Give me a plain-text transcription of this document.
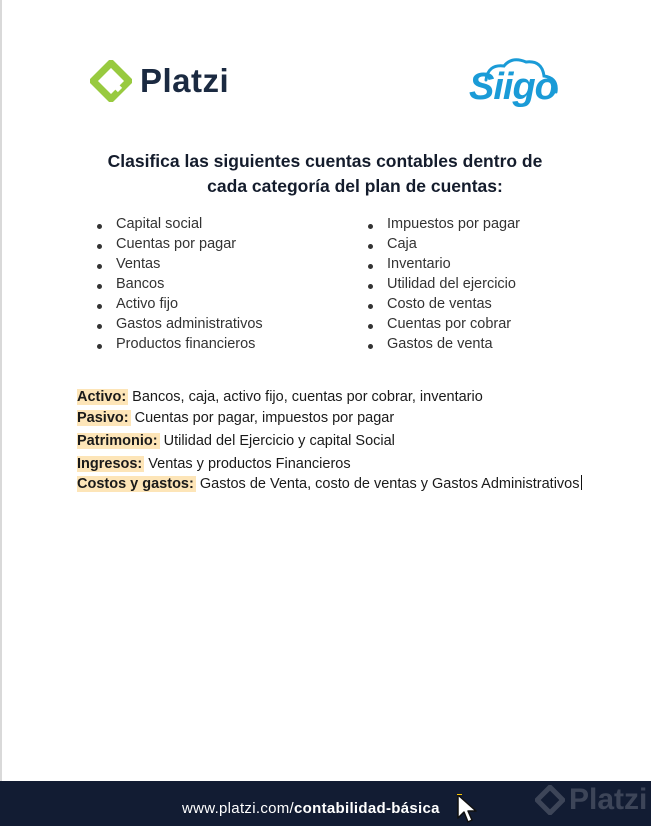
Platzi	Siigo
Clasifica las siguientes cuentas contables dentro de
cada categoría del plan de cuentas:
Capital social
Cuentas por pagar
Ventas
Bancos
Activo fijo
Gastos administrativos
Productos financieros
Impuestos por pagar
Caja
Inventario
Utilidad del ejercicio
Costo de ventas
Cuentas por cobrar
Gastos de venta
Activo: Bancos, caja, activo fijo, cuentas por cobrar, inventario
Pasivo: Cuentas por pagar, impuestos por pagar
Patrimonio: Utilidad del Ejercicio y capital Social
Ingresos: Ventas y productos Financieros
Costos y gastos: Gastos de Venta, costo de ventas y Gastos Administrativos
www.platzi.com/contabilidad-básica	Platzi
